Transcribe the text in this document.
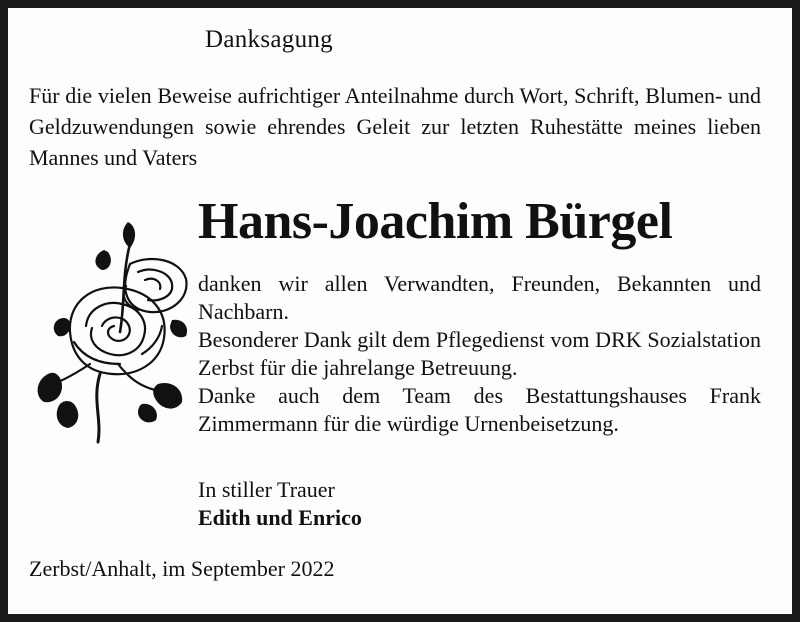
Danksagung
Für die vielen Beweise aufrichtiger Anteilnahme durch Wort, Schrift, Blumen- und Geldzuwendungen sowie ehrendes Geleit zur letzten Ruhestätte meines lieben Mannes und Vaters
Hans-Joachim Bürgel

danken wir allen Verwandten, Freunden, Bekannten und Nachbarn.

Besonderer Dank gilt dem Pflegedienst vom DRK Sozialstation Zerbst für die jahrelange Betreuung.

Danke auch dem Team des Bestattungshauses Frank Zimmermann für die würdige Urnenbeisetzung.

In stiller Trauer
Edith und Enrico
Zerbst/Anhalt, im September 2022
